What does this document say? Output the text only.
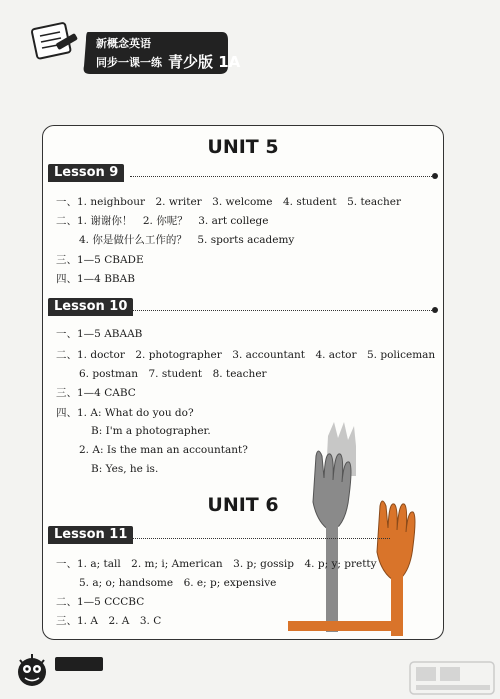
新概念英语
同步一课一练 青少版 1A
UNIT 5
Lesson 9
一、1. neighbour　2. writer　3. welcome　4. student　5. teacher
二、1. 谢谢你！　2. 你呢？　3. art college
4. 你是做什么工作的？　5. sports academy
三、1—5 CBADE
四、1—4 BBAB
Lesson 10
一、1—5 ABAAB
二、1. doctor　2. photographer　3. accountant　4. actor　5. policeman
6. postman　7. student　8. teacher
三、1—4 CABC
四、1. A: What do you do?
B: I'm a photographer.
2. A: Is the man an accountant?
B: Yes, he is.
UNIT 6
Lesson 11
一、1. a; tall　2. m; i; American　3. p; gossip　4. p; y; pretty
5. a; o; handsome　6. e; p; expensive
二、1—5 CCCBC
三、1. A　2. A　3. C
